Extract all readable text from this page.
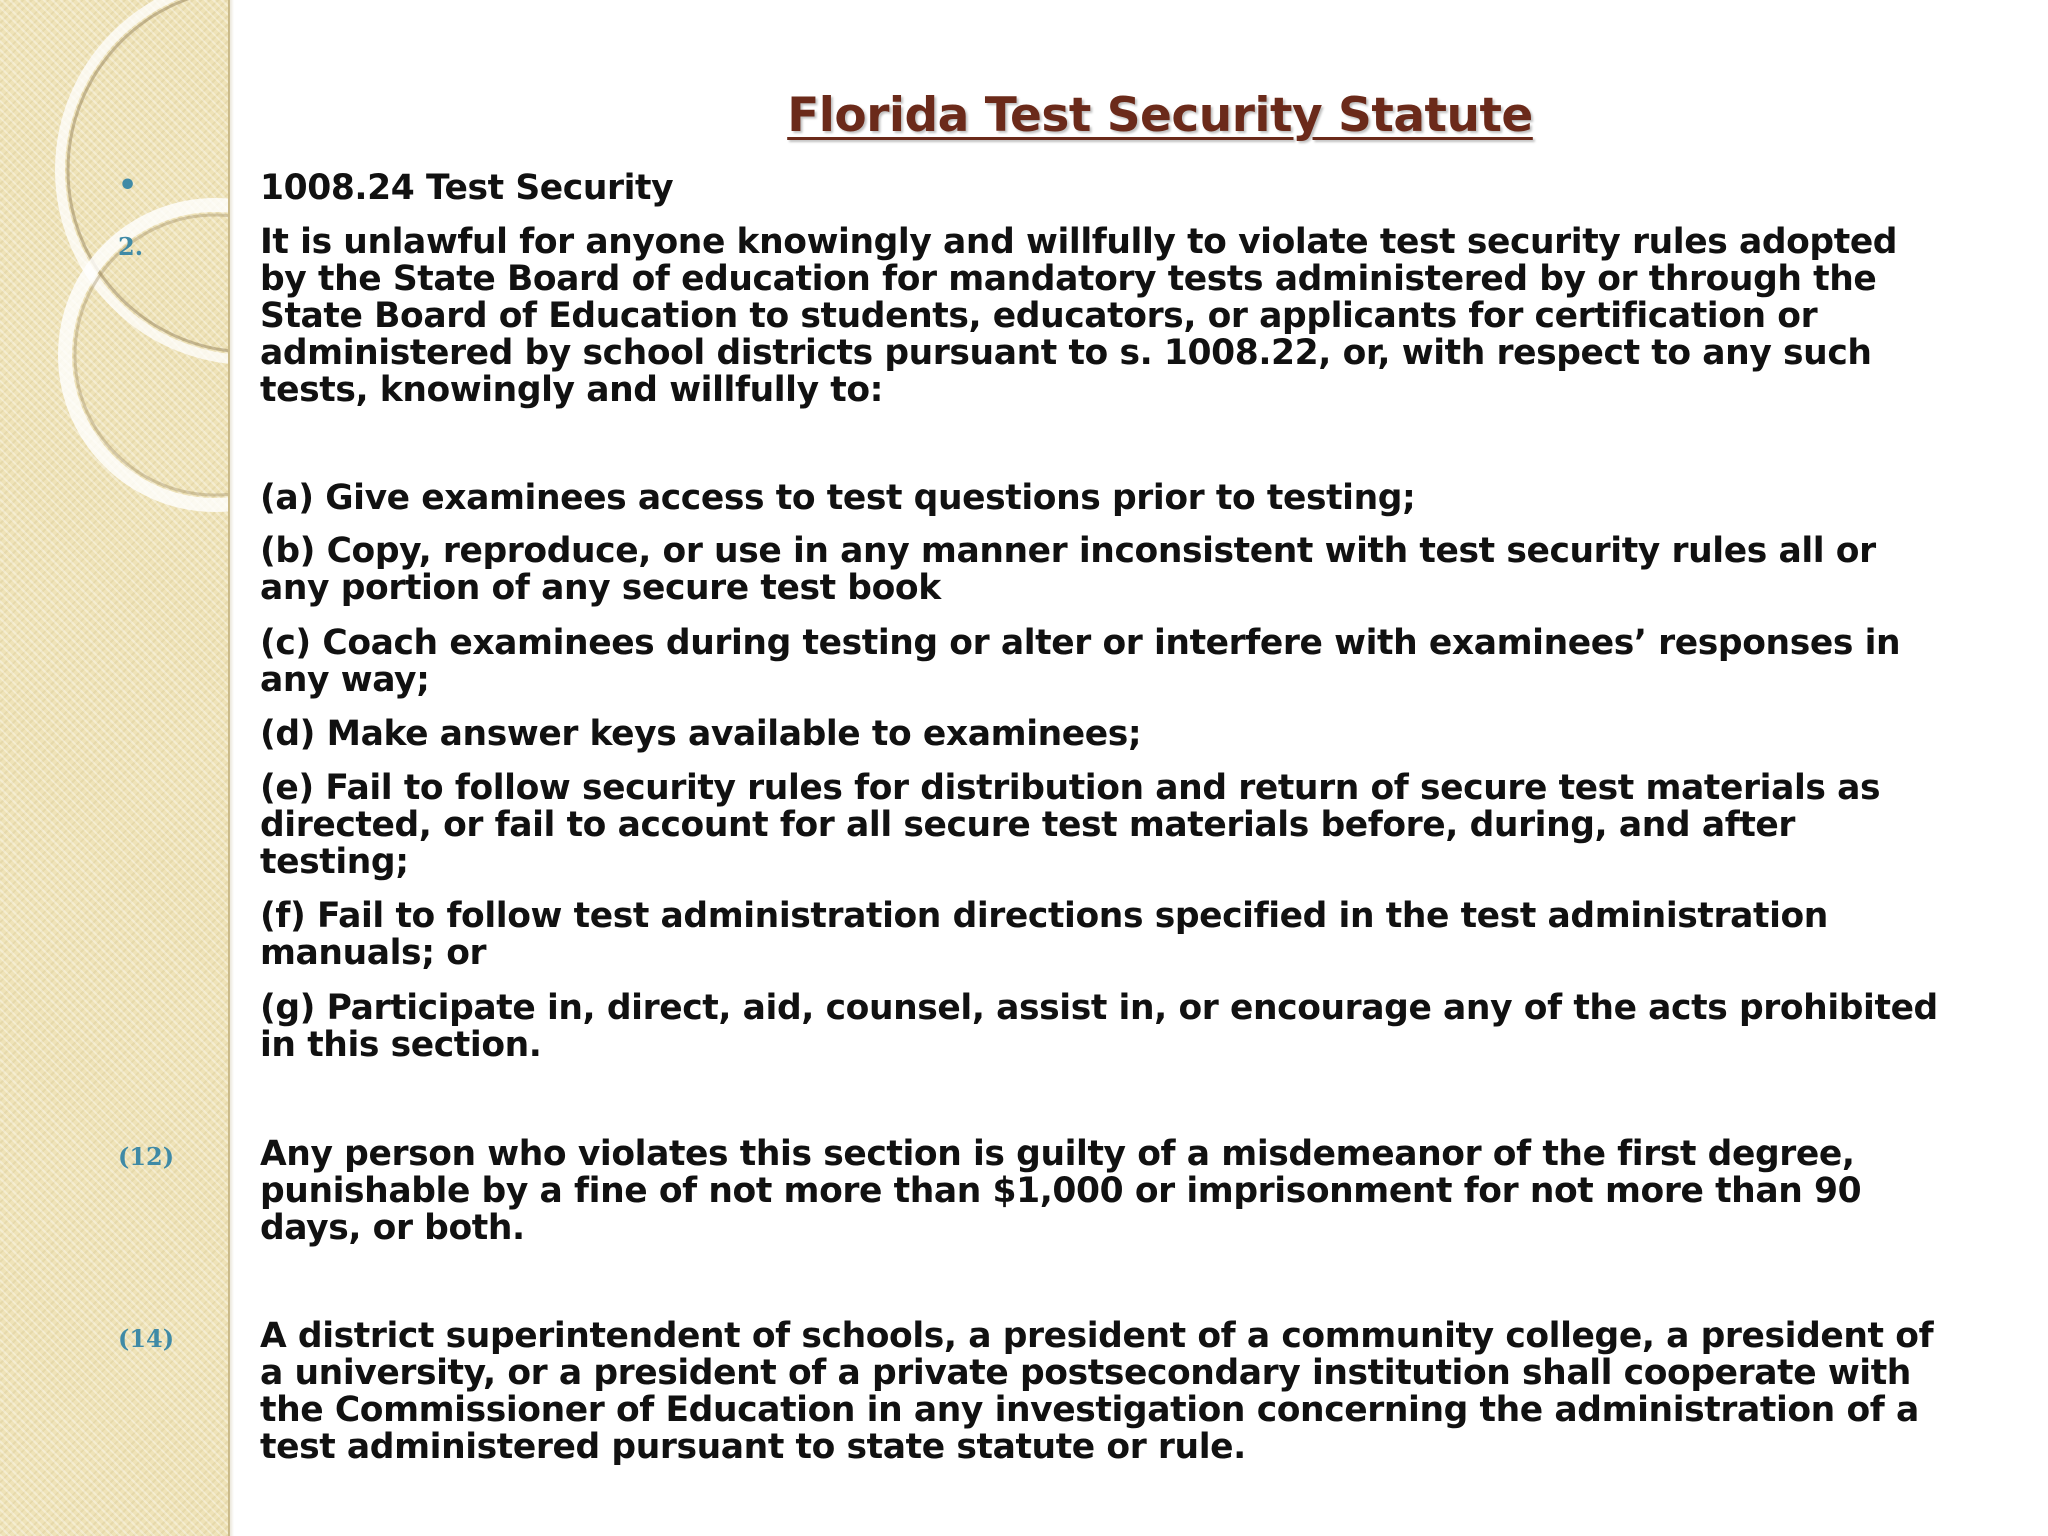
Florida Test Security Statute
•	1008.24 Test Security
2.	It is unlawful for anyone knowingly and willfully to violate test security rules adopted by the State Board of education for mandatory tests administered by or through the State Board of Education to students, educators, or applicants for certification or administered by school districts pursuant to s. 1008.22, or, with respect to any such tests, knowingly and willfully to:
(a) Give examinees access to test questions prior to testing;
(b) Copy, reproduce, or use in any manner inconsistent with test security rules all or any portion of any secure test book
(c) Coach examinees during testing or alter or interfere with examinees’ responses in any way;
(d) Make answer keys available to examinees;
(e) Fail to follow security rules for distribution and return of secure test materials as directed, or fail to account for all secure test materials before, during, and after testing;
(f) Fail to follow test administration directions specified in the test administration manuals; or
(g) Participate in, direct, aid, counsel, assist in, or encourage any of the acts prohibited in this section.
(12)	Any person who violates this section is guilty of a misdemeanor of the first degree, punishable by a fine of not more than $1,000 or imprisonment for not more than 90 days, or both.
(14)	A district superintendent of schools, a president of a community college, a president of a university, or a president of a private postsecondary institution shall cooperate with the Commissioner of Education in any investigation concerning the administration of a test administered pursuant to state statute or rule.
